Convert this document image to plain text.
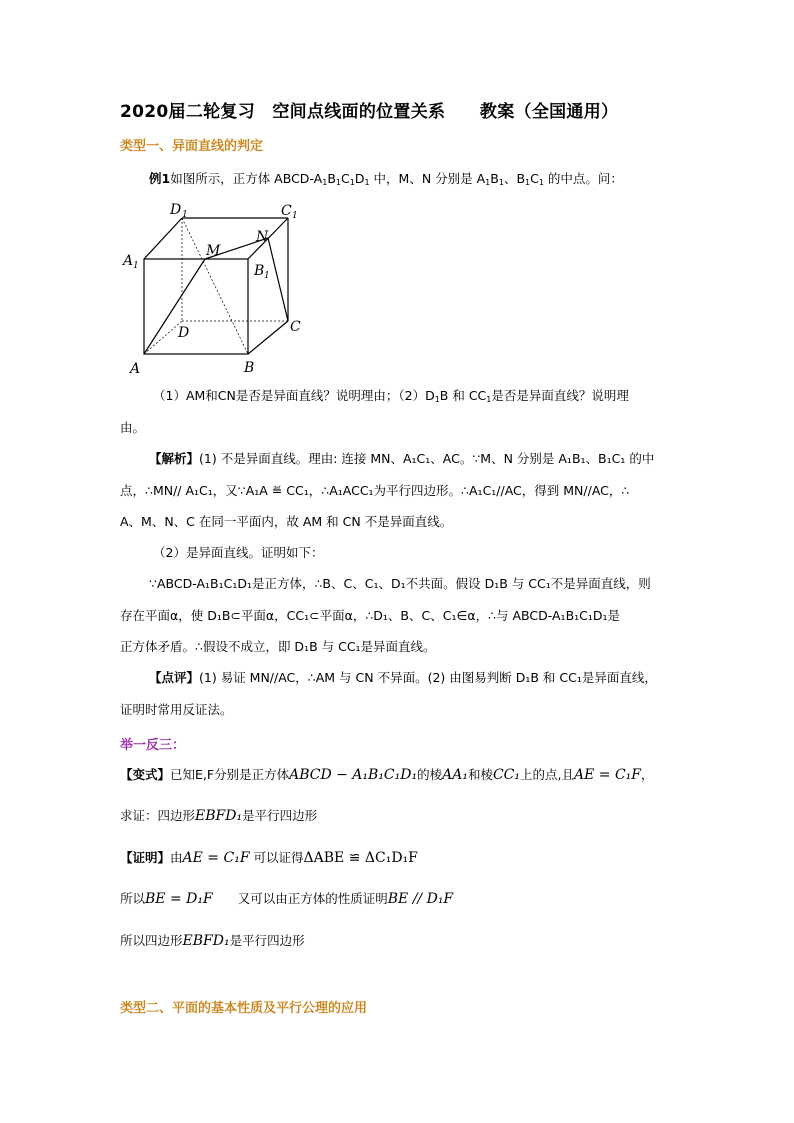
2020届二轮复习　空间点线面的位置关系　　教案（全国通用）
类型一、异面直线的判定
例1如图所示，正方体 ABCD-$A_1B_1C_1D_1$ 中，M、N 分别是 $A_1B_1$、$B_1C_1$ 的中点。问：
D 1	C 1
A 1
M
N
B 1
D	C
A	B
（1）AM和CN是否是异面直线？说明理由；$(2)D_1B$ 和 $CC_1$是否是异面直线？说明理
由。
【解析】(1) 不是异面直线。理由: 连接 MN、A₁C₁、AC。∵M、N 分别是 A₁B₁、B₁C₁ 的中
点，∴MN// A₁C₁，又∵A₁A ≝ CC₁，∴A₁ACC₁为平行四边形。∴A₁C₁//AC，得到 MN//AC，∴
A、M、N、C 在同一平面内，故 AM 和 CN 不是异面直线。
（2）是异面直线。证明如下：
∵ABCD-A₁B₁C₁D₁是正方体，∴B、C、C₁、D₁不共面。假设 D₁B 与 CC₁不是异面直线，则
存在平面α，使 D₁B⊂平面α，CC₁⊂平面α，∴D₁、B、C、C₁∈α，∴与 ABCD-A₁B₁C₁D₁是
正方体矛盾。∴假设不成立，即 D₁B 与 CC₁是异面直线。
【点评】(1) 易证 MN//AC，∴AM 与 CN 不异面。(2) 由图易判断 D₁B 和 CC₁是异面直线，
证明时常用反证法。
举一反三：
【变式】已知E,F分别是正方体ABCD − A₁B₁C₁D₁的棱AA₁和棱CC₁上的点,且AE = C₁F，
求证：四边形EBFD₁是平行四边形
【证明】由AE = C₁F 可以证得ΔABE ≌ ΔC₁D₁F
所以BE = D₁F　　 又可以由正方体的性质证明BE // D₁F
所以四边形EBFD₁是平行四边形
类型二、平面的基本性质及平行公理的应用
